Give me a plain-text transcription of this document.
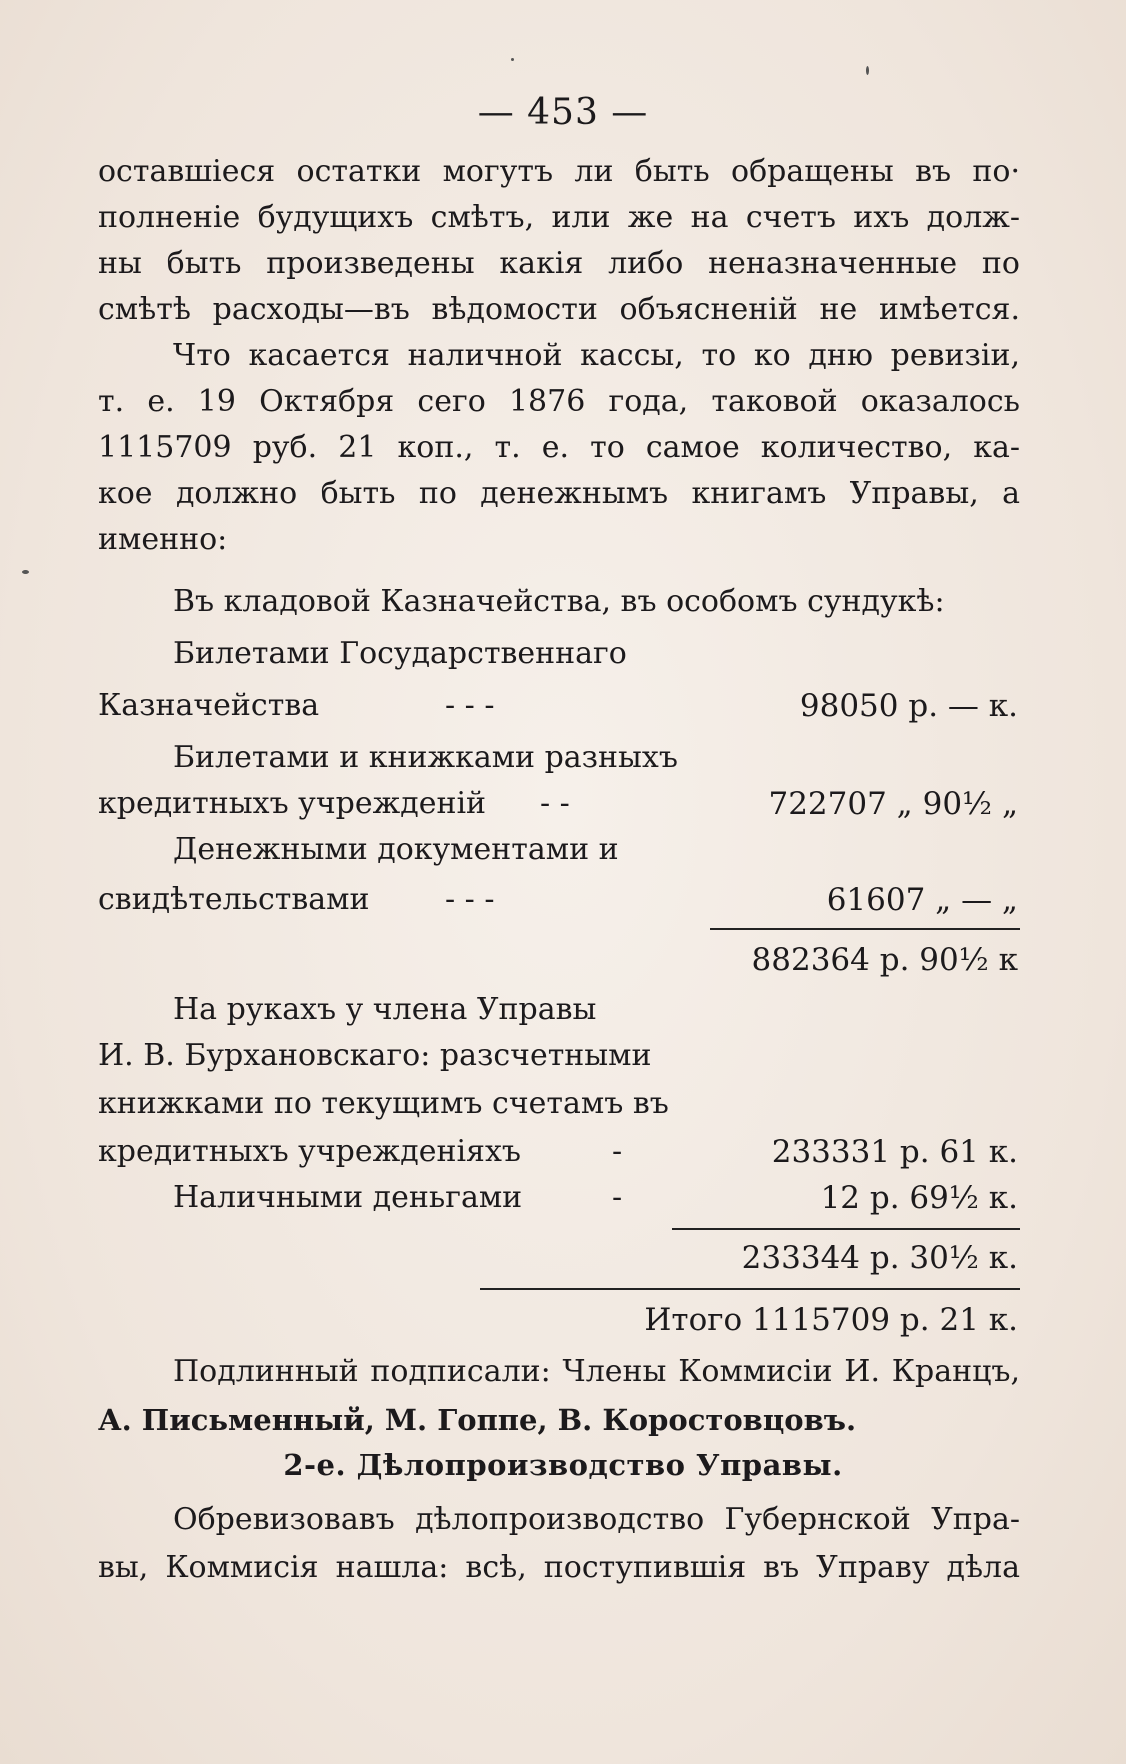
— 453 —
оставшіеся остатки могутъ ли быть обращены въ по·
полненіе будущихъ смѣтъ, или же на счетъ ихъ долж-
ны быть произведены какія либо неназначенные по
смѣтѣ расходы—въ вѣдомости объясненій не имѣется.
Что касается наличной кассы, то ко дню ревизіи,
т. е. 19 Октября сего 1876 года, таковой оказалось
1115709 руб. 21 коп., т. е. то самое количество, ка-
кое должно быть по денежнымъ книгамъ Управы, а
именно:
Въ кладовой Казначейства, въ особомъ сундукѣ:
Билетами Государственнаго
Казначейства	- - -	98050 р. — к.
Билетами и книжками разныхъ
кредитныхъ учрежденій - -	722707 „ 90½ „
Денежными документами и
свидѣтельствами	- - -	61607 „ — „
882364 р. 90½ к
На рукахъ у члена Управы
И. В. Бурхановскаго: разсчетными
книжками по текущимъ счетамъ въ
кредитныхъ учрежденіяхъ	-	233331 р. 61 к.
Наличными деньгами	-	12 р. 69½ к.
233344 р. 30½ к.
Итого 1115709 р. 21 к.
Подлинный подписали: Члены Коммисіи И. Кранцъ,
А. Письменный, М. Гоппе, В. Коростовцовъ.
2-е. Дѣлопроизводство Управы.
Обревизовавъ дѣлопроизводство Губернской Упра-
вы, Коммисія нашла: всѣ, поступившія въ Управу дѣла
